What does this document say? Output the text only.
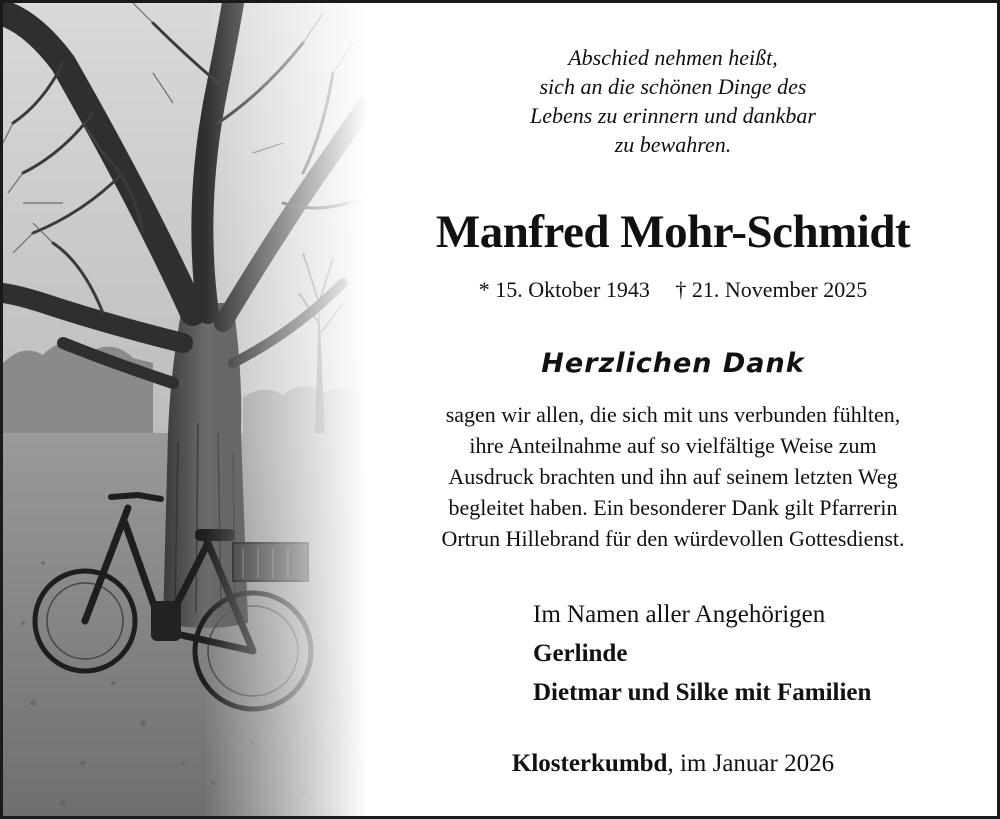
Abschied nehmen heißt,
sich an die schönen Dinge des
Lebens zu erinnern und dankbar
zu bewahren.
Manfred Mohr-Schmidt
* 15. Oktober 1943 † 21. November 2025
Herzlichen Dank
sagen wir allen, die sich mit uns verbunden fühlten,
ihre Anteilnahme auf so vielfältige Weise zum
Ausdruck brachten und ihn auf seinem letzten Weg
begleitet haben. Ein besonderer Dank gilt Pfarrerin
Ortrun Hillebrand für den würdevollen Gottesdienst.
Im Namen aller Angehörigen
Gerlinde
Dietmar und Silke mit Familien
Klosterkumbd, im Januar 2026
